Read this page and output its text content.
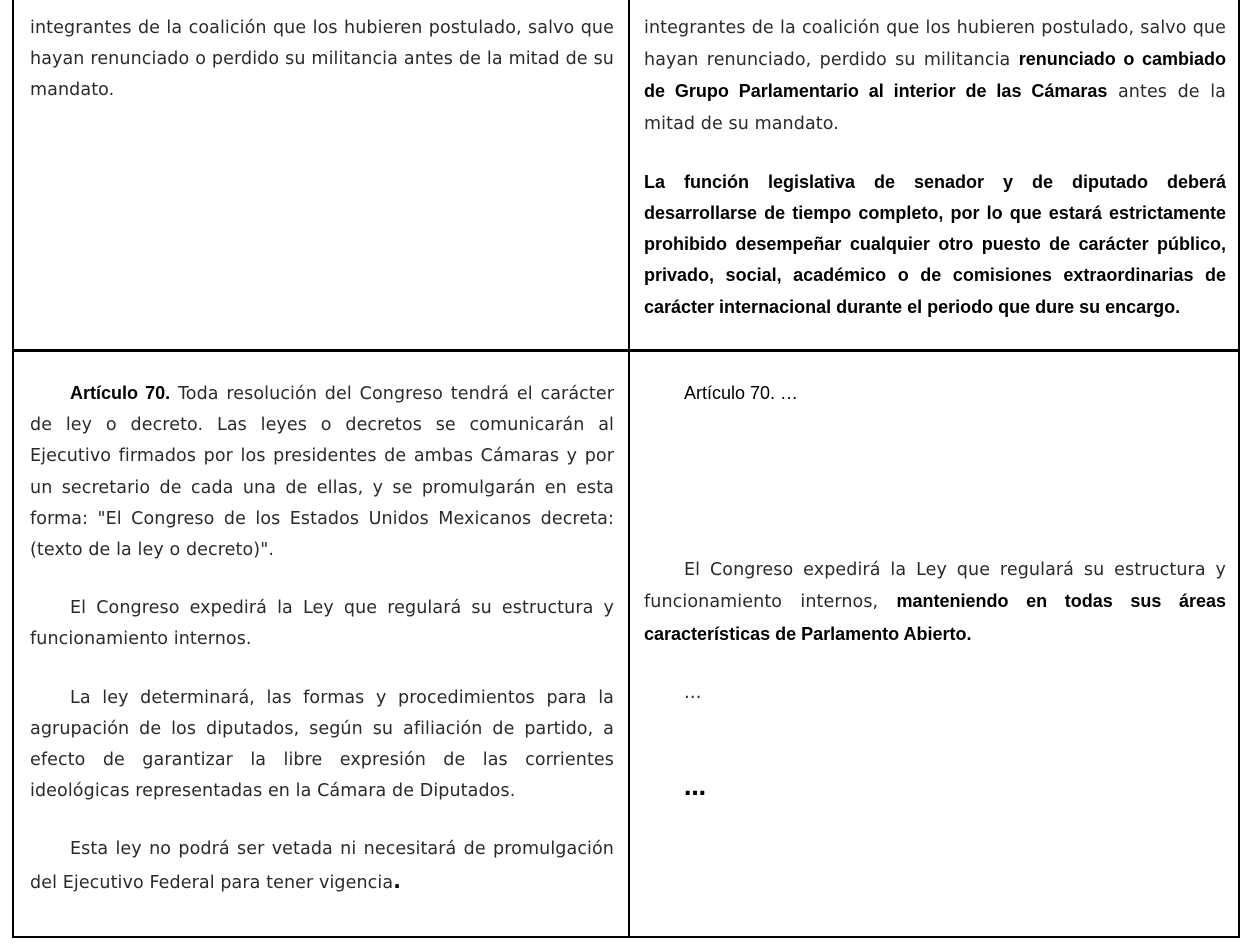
integrantes de la coalición que los hubieren postulado, salvo que hayan renunciado o perdido su militancia antes de la mitad de su mandato.

integrantes de la coalición que los hubieren postulado, salvo que hayan renunciado, perdido su militancia renunciado o cambiado de Grupo Parlamentario al interior de las Cámaras antes de la mitad de su mandato.

La función legislativa de senador y de diputado deberá desarrollarse de tiempo completo, por lo que estará estrictamente prohibido desempeñar cualquier otro puesto de carácter público, privado, social, académico o de comisiones extraordinarias de carácter internacional durante el periodo que dure su encargo.

Artículo 70. Toda resolución del Congreso tendrá el carácter de ley o decreto. Las leyes o decretos se comunicarán al Ejecutivo firmados por los presidentes de ambas Cámaras y por un secretario de cada una de ellas, y se promulgarán en esta forma: "El Congreso de los Estados Unidos Mexicanos decreta: (texto de la ley o decreto)".

El Congreso expedirá la Ley que regulará su estructura y funcionamiento internos.

La ley determinará, las formas y procedimientos para la agrupación de los diputados, según su afiliación de partido, a efecto de garantizar la libre expresión de las corrientes ideológicas representadas en la Cámara de Diputados.

Esta ley no podrá ser vetada ni necesitará de promulgación del Ejecutivo Federal para tener vigencia.

Artículo 70. …

El Congreso expedirá la Ley que regulará su estructura y funcionamiento internos, manteniendo en todas sus áreas características de Parlamento Abierto.

…

…
